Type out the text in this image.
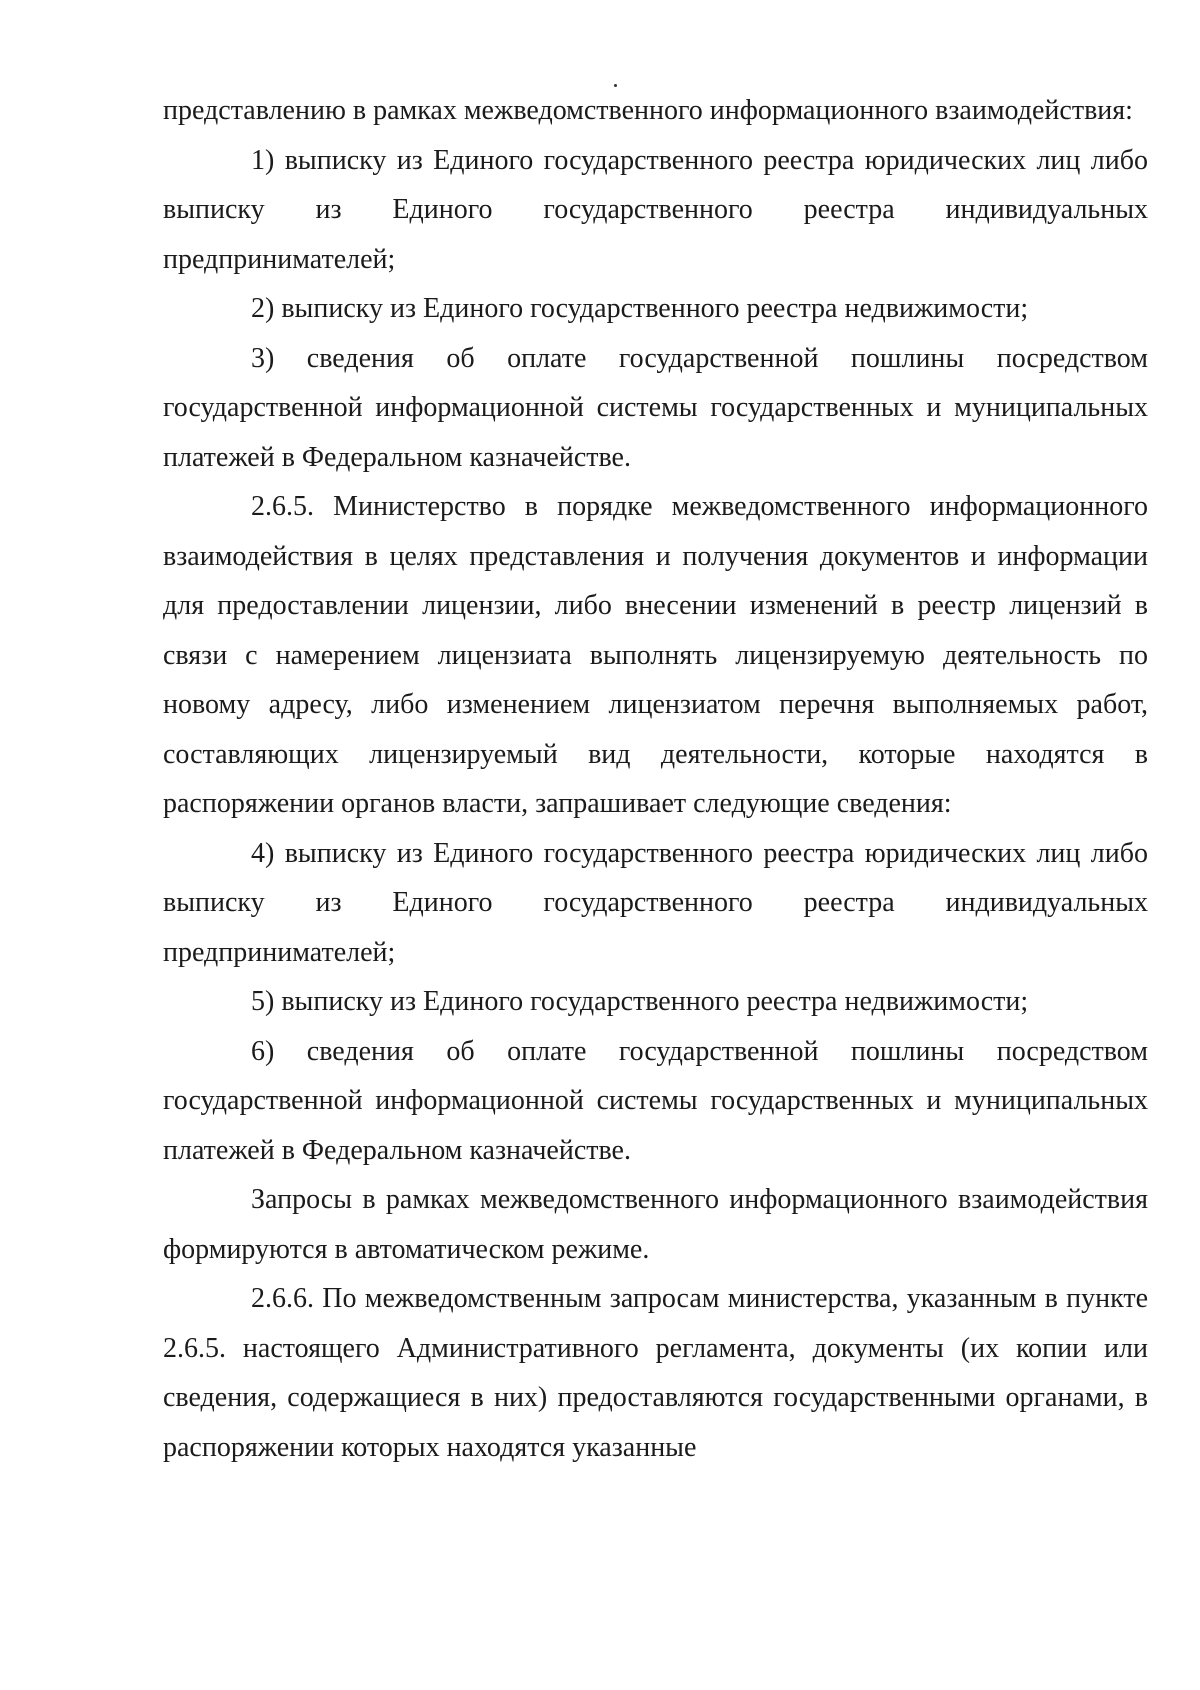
представлению в рамках межведомственного информационного взаимодействия:

1) выписку из Единого государственного реестра юридических лиц либо выписку из Единого государственного реестра индивидуальных предпринимателей;

2) выписку из Единого государственного реестра недвижимости;

3) сведения об оплате государственной пошлины посредством государственной информационной системы государственных и муниципальных платежей в Федеральном казначействе.

2.6.5. Министерство в порядке межведомственного информационного взаимодействия в целях представления и получения документов и информации для предоставлении лицензии, либо внесении изменений в реестр лицензий в связи с намерением лицензиата выполнять лицензируемую деятельность по новому адресу, либо изменением лицензиатом перечня выполняемых работ, составляющих лицензируемый вид деятельности, которые находятся в распоряжении органов власти, запрашивает следующие сведения:

4) выписку из Единого государственного реестра юридических лиц либо выписку из Единого государственного реестра индивидуальных предпринимателей;

5) выписку из Единого государственного реестра недвижимости;

6) сведения об оплате государственной пошлины посредством государственной информационной системы государственных и муниципальных платежей в Федеральном казначействе.

Запросы в рамках межведомственного информационного взаимодействия формируются в автоматическом режиме.

2.6.6. По межведомственным запросам министерства, указанным в пункте 2.6.5. настоящего Административного регламента, документы (их копии или сведения, содержащиеся в них) предоставляются государственными органами, в распоряжении которых находятся указанные
